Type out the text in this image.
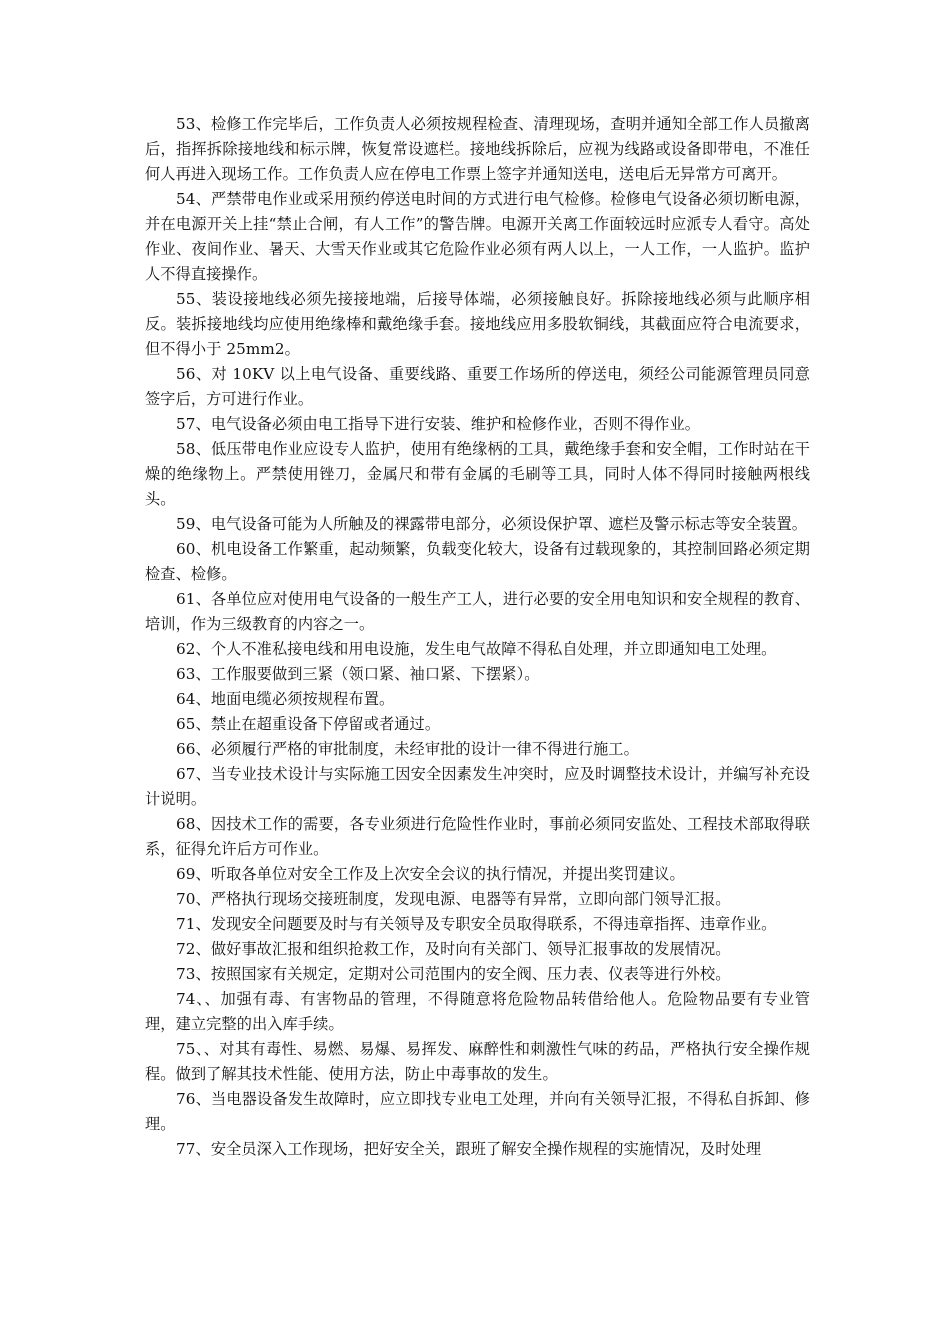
53、检修工作完毕后，工作负责人必须按规程检查、清理现场，查明并通知全部工作人员撤离后，指挥拆除接地线和标示牌，恢复常设遮栏。接地线拆除后，应视为线路或设备即带电，不准任何人再进入现场工作。工作负责人应在停电工作票上签字并通知送电，送电后无异常方可离开。

54、严禁带电作业或采用预约停送电时间的方式进行电气检修。检修电气设备必须切断电源，并在电源开关上挂“禁止合闸，有人工作”的警告牌。电源开关离工作面较远时应派专人看守。高处作业、夜间作业、暑天、大雪天作业或其它危险作业必须有两人以上，一人工作，一人监护。监护人不得直接操作。

55、装设接地线必须先接接地端，后接导体端，必须接触良好。拆除接地线必须与此顺序相反。装拆接地线均应使用绝缘棒和戴绝缘手套。接地线应用多股软铜线，其截面应符合电流要求，但不得小于 25mm2。

56、对 10KV 以上电气设备、重要线路、重要工作场所的停送电，须经公司能源管理员同意签字后，方可进行作业。

57、电气设备必须由电工指导下进行安装、维护和检修作业，否则不得作业。

58、低压带电作业应设专人监护，使用有绝缘柄的工具，戴绝缘手套和安全帽，工作时站在干燥的绝缘物上。严禁使用锉刀，金属尺和带有金属的毛刷等工具，同时人体不得同时接触两根线头。

59、电气设备可能为人所触及的裸露带电部分，必须设保护罩、遮栏及警示标志等安全装置。

60、机电设备工作繁重，起动频繁，负载变化较大，设备有过载现象的，其控制回路必须定期检查、检修。

61、各单位应对使用电气设备的一般生产工人，进行必要的安全用电知识和安全规程的教育、培训，作为三级教育的内容之一。

62、个人不准私接电线和用电设施，发生电气故障不得私自处理，并立即通知电工处理。

63、工作服要做到三紧（领口紧、袖口紧、下摆紧）。

64、地面电缆必须按规程布置。

65、禁止在超重设备下停留或者通过。

66、必须履行严格的审批制度，未经审批的设计一律不得进行施工。

67、当专业技术设计与实际施工因安全因素发生冲突时，应及时调整技术设计，并编写补充设计说明。

68、因技术工作的需要，各专业须进行危险性作业时，事前必须同安监处、工程技术部取得联系，征得允许后方可作业。

69、听取各单位对安全工作及上次安全会议的执行情况，并提出奖罚建议。

70、严格执行现场交接班制度，发现电源、电器等有异常，立即向部门领导汇报。

71、发现安全问题要及时与有关领导及专职安全员取得联系，不得违章指挥、违章作业。

72、做好事故汇报和组织抢救工作，及时向有关部门、领导汇报事故的发展情况。

73、按照国家有关规定，定期对公司范围内的安全阀、压力表、仪表等进行外校。

74、、加强有毒、有害物品的管理，不得随意将危险物品转借给他人。危险物品要有专业管理，建立完整的出入库手续。

75、、对其有毒性、易燃、易爆、易挥发、麻醉性和刺激性气味的药品，严格执行安全操作规程。做到了解其技术性能、使用方法，防止中毒事故的发生。

76、当电器设备发生故障时，应立即找专业电工处理，并向有关领导汇报，不得私自拆卸、修理。

77、安全员深入工作现场，把好安全关，跟班了解安全操作规程的实施情况，及时处理
